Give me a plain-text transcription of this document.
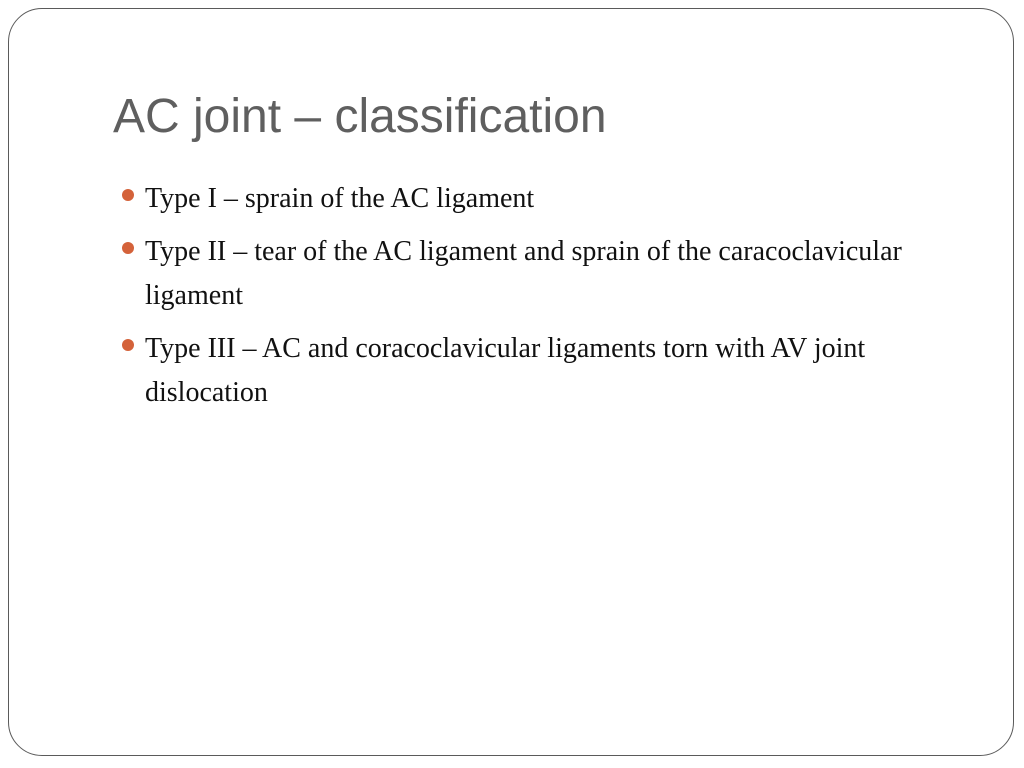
AC joint – classification
Type I – sprain of the AC ligament
Type II – tear of the AC ligament and sprain of the caracoclavicular ligament
Type III – AC and coracoclavicular ligaments torn with AV joint dislocation
